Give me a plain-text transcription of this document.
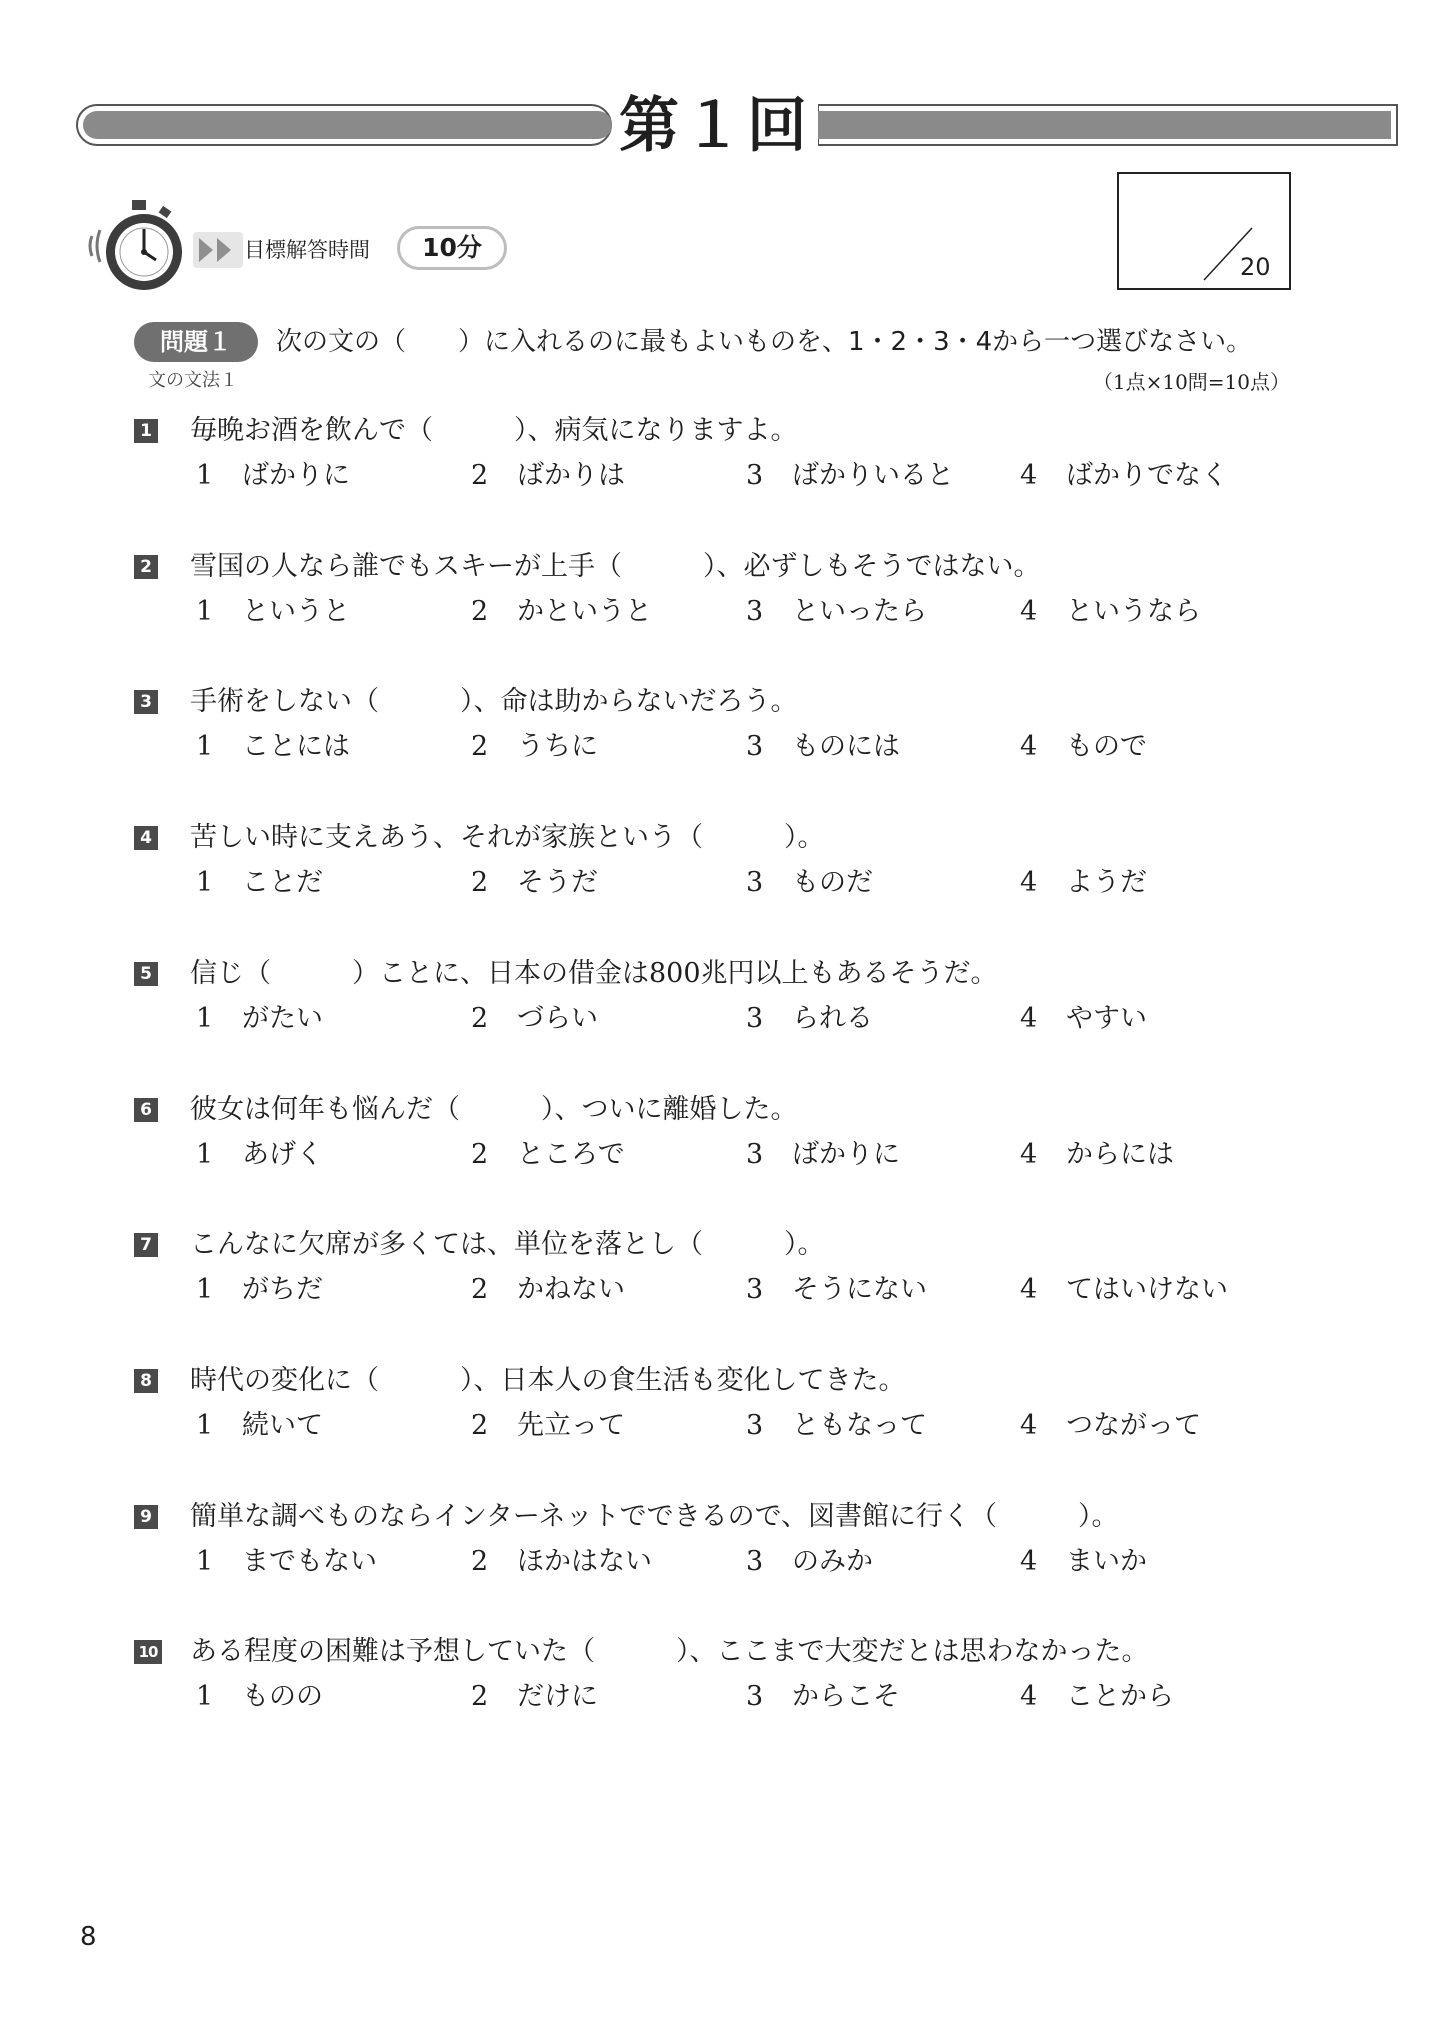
第１回
目標解答時間	10分
20
問題１	次の文の（　　）に入れるのに最もよいものを、1・2・3・4から一つ選びなさい。
文の文法１	（1点×10問=10点）
1 毎晩お酒を飲んで（　　　）、病気になりますよ。
1 ばかりに	2 ばかりは	3 ばかりいると 4 ばかりでなく
2 雪国の人なら誰でもスキーが上手（　　　）、必ずしもそうではない。
1 というと	2 かというと	3 といったら	4 というなら
3 手術をしない（　　　）、命は助からないだろう。
1 ことには	2 うちに	3 ものには	4 もので
4 苦しい時に支えあう、それが家族という（　　　）。
1 ことだ	2 そうだ	3 ものだ	4 ようだ
5 信じ（　　　）ことに、日本の借金は800兆円以上もあるそうだ。
1 がたい	2 づらい	3 られる	4 やすい
6 彼女は何年も悩んだ（　　　）、ついに離婚した。
1 あげく	2 ところで	3 ばかりに	4 からには
7 こんなに欠席が多くては、単位を落とし（　　　）。
1 がちだ	2 かねない	3 そうにない	4 てはいけない
8 時代の変化に（　　　）、日本人の食生活も変化してきた。
1 続いて	2 先立って	3 ともなって	4 つながって
9 簡単な調べものならインターネットでできるので、図書館に行く（　　　）。
1 までもない	2 ほかはない	3 のみか	4 まいか
10 ある程度の困難は予想していた（　　　）、ここまで大変だとは思わなかった。
1 ものの	2 だけに	3 からこそ	4 ことから
8
